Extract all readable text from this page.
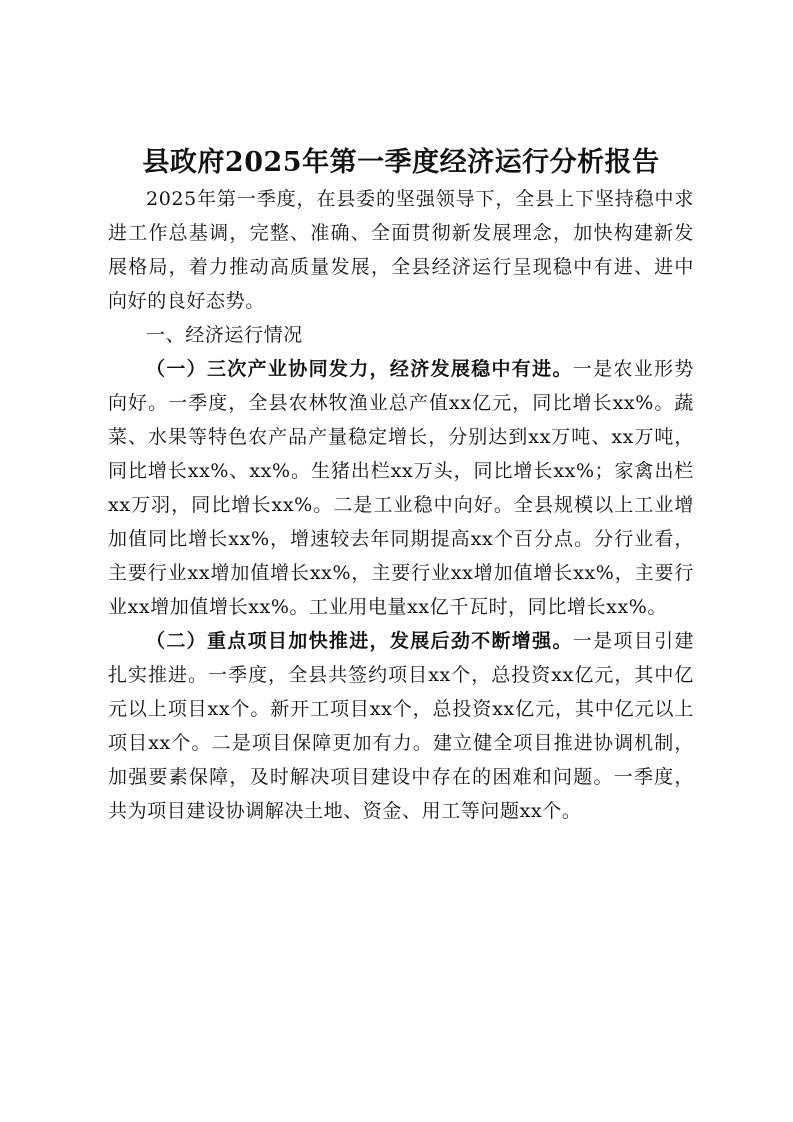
县政府2025年第一季度经济运行分析报告

2025年第一季度，在县委的坚强领导下，全县上下坚持稳中求进工作总基调，完整、准确、全面贯彻新发展理念，加快构建新发展格局，着力推动高质量发展，全县经济运行呈现稳中有进、进中向好的良好态势。

一、经济运行情况

（一）三次产业协同发力，经济发展稳中有进。一是农业形势向好。一季度，全县农林牧渔业总产值xx亿元，同比增长xx%。蔬菜、水果等特色农产品产量稳定增长，分别达到xx万吨、xx万吨，同比增长xx%、xx%。生猪出栏xx万头，同比增长xx%；家禽出栏xx万羽，同比增长xx%。二是工业稳中向好。全县规模以上工业增加值同比增长xx%，增速较去年同期提高xx个百分点。分行业看，主要行业xx增加值增长xx%，主要行业xx增加值增长xx%，主要行业xx增加值增长xx%。工业用电量xx亿千瓦时，同比增长xx%。

（二）重点项目加快推进，发展后劲不断增强。一是项目引建扎实推进。一季度，全县共签约项目xx个，总投资xx亿元，其中亿元以上项目xx个。新开工项目xx个，总投资xx亿元，其中亿元以上项目xx个。二是项目保障更加有力。建立健全项目推进协调机制，加强要素保障，及时解决项目建设中存在的困难和问题。一季度，共为项目建设协调解决土地、资金、用工等问题xx个。
